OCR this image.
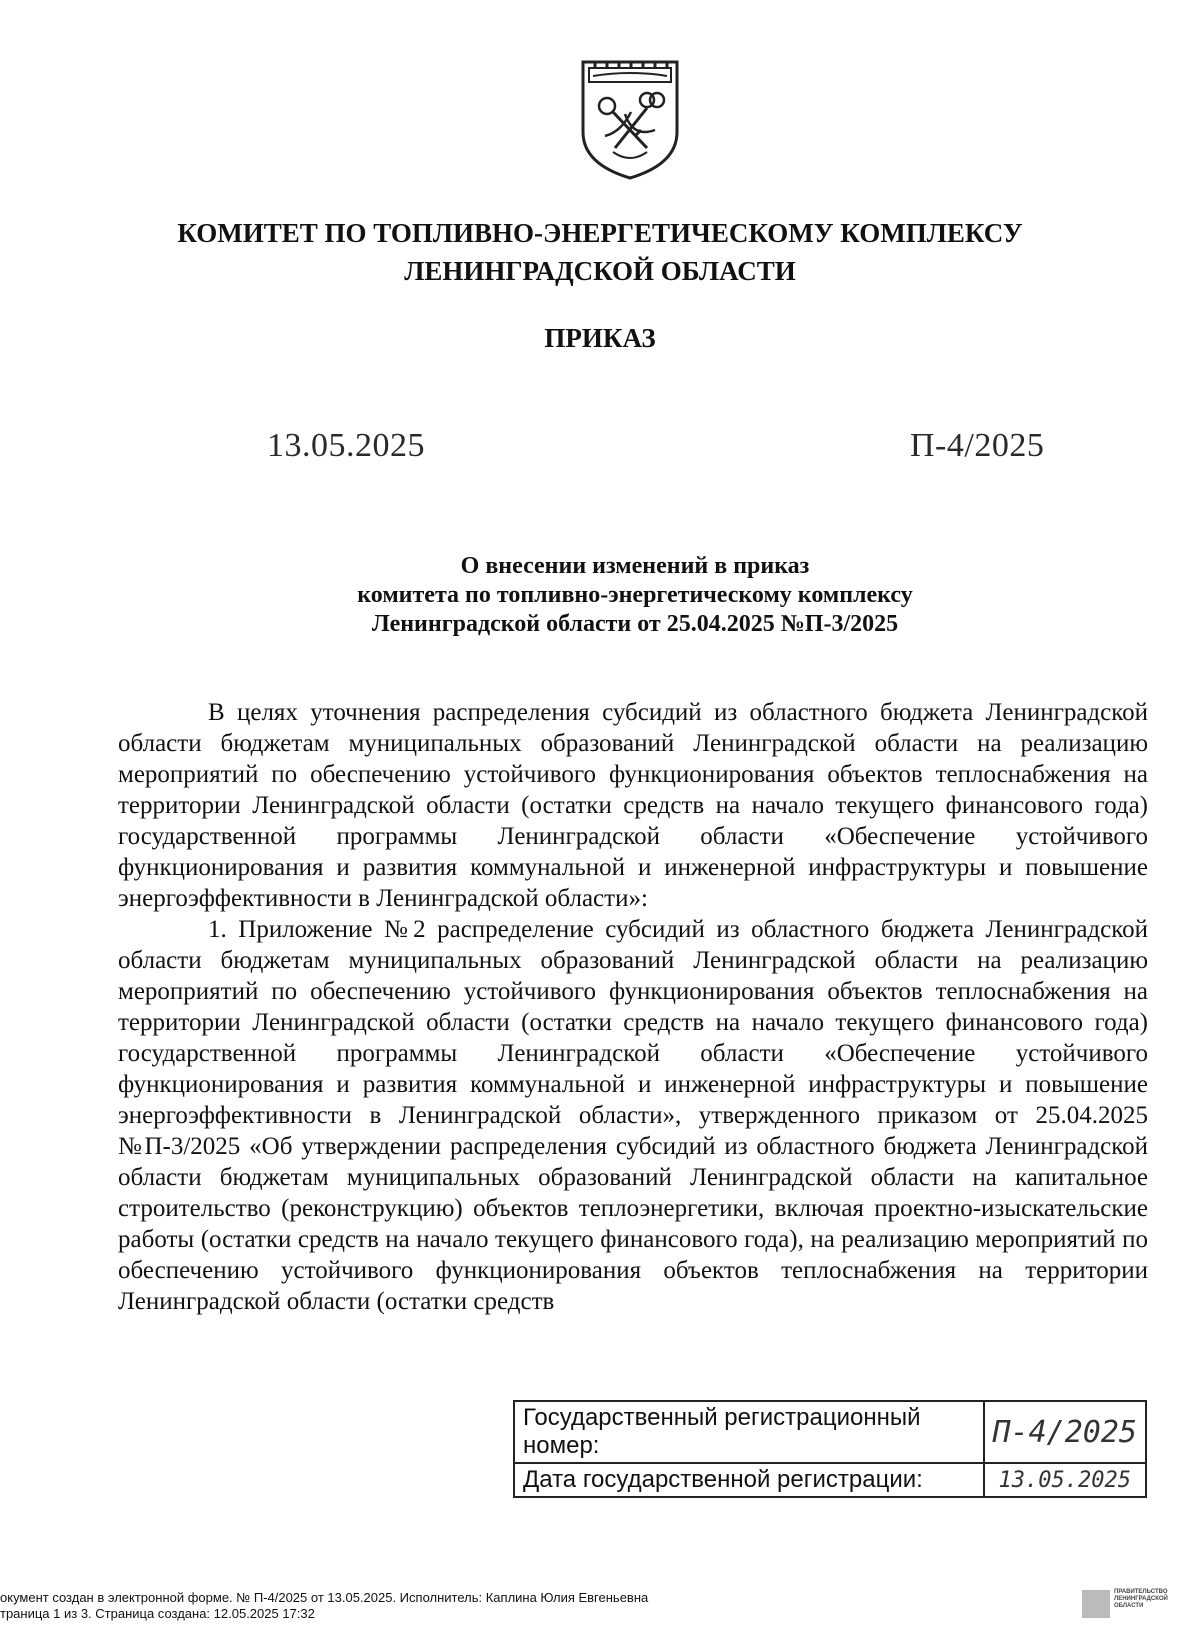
КОМИТЕТ ПО ТОПЛИВНО-ЭНЕРГЕТИЧЕСКОМУ КОМПЛЕКСУ
ЛЕНИНГРАДСКОЙ ОБЛАСТИ
ПРИКАЗ
13.05.2025	П-4/2025
О внесении изменений в приказ
комитета по топливно-энергетическому комплексу
Ленинградской области от 25.04.2025 №П-3/2025

В целях уточнения распределения субсидий из областного бюджета Ленинградской области бюджетам муниципальных образований Ленинградской области на реализацию мероприятий по обеспечению устойчивого функционирования объектов теплоснабжения на территории Ленинградской области (остатки средств на начало текущего финансового года) государственной программы Ленинградской области «Обеспечение устойчивого функционирования и развития коммунальной и инженерной инфраструктуры и повышение энергоэффективности в Ленинградской области»:

1. Приложение №2 распределение субсидий из областного бюджета Ленинградской области бюджетам муниципальных образований Ленинградской области на реализацию мероприятий по обеспечению устойчивого функционирования объектов теплоснабжения на территории Ленинградской области (остатки средств на начало текущего финансового года) государственной программы Ленинградской области «Обеспечение устойчивого функционирования и развития коммунальной и инженерной инфраструктуры и повышение энергоэффективности в Ленинградской области», утвержденного приказом от 25.04.2025 №П-3/2025 «Об утверждении распределения субсидий из областного бюджета Ленинградской области бюджетам муниципальных образований Ленинградской области на капитальное строительство (реконструкцию) объектов теплоэнергетики, включая проектно-изыскательские работы (остатки средств на начало текущего финансового года), на реализацию мероприятий по обеспечению устойчивого функционирования объектов теплоснабжения на территории Ленинградской области (остатки средств

Государственный регистрационный номер:	П-4/2025
Дата государственной регистрации:	13.05.2025
окумент создан в электронной форме. № П-4/2025 от 13.05.2025. Исполнитель: Каплина Юлия Евгеньевна
траница 1 из 3. Страница создана: 12.05.2025 17:32
ПРАВИТЕЛЬСТВО
ЛЕНИНГРАДСКОЙ
ОБЛАСТИ
